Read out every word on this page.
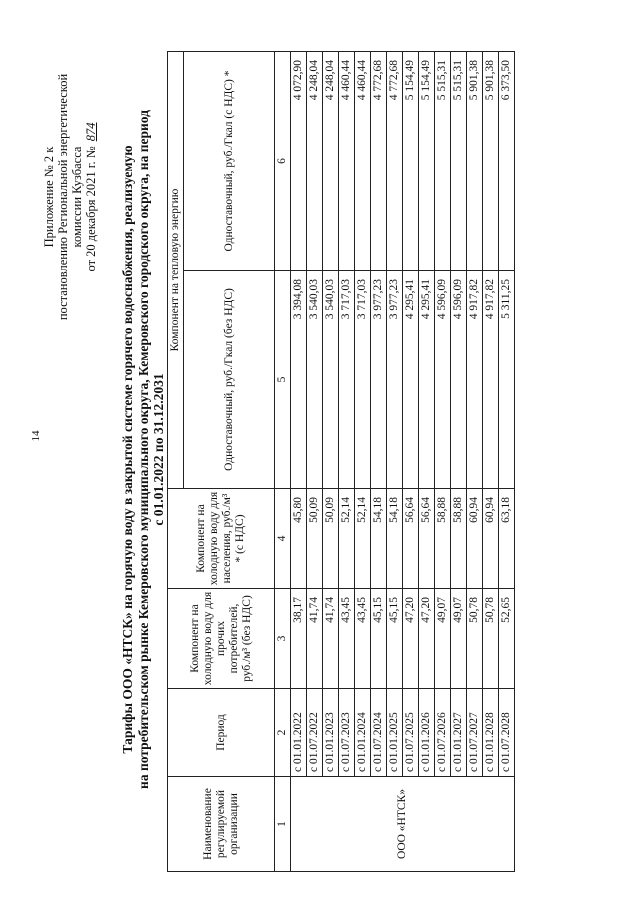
14
Приложение № 2 к постановлению Региональной энергетической комиссии Кузбасса от 20 декабря 2021 г. № 874
Тарифы ООО «НТСК» на горячую воду в закрытой системе горячего водоснабжения, реализуемую на потребительском рынке Кемеровского муниципального округа, Кемеровского городского округа, на период с 01.01.2022 по 31.12.2031
Наименование регулируемой организации	Период	Компонент на холодную воду для прочих потребителей, руб./м³ (без НДС)	Компонент на холодную воду для населения, руб./м³ * (с НДС)	Компонент на тепловую энергию	
				Одноставочный, руб./Гкал (без НДС)	Одноставочный, руб./Гкал (с НДС) *
1	2	3	4	5	6
ООО «НТСК»	с 01.01.2022	38,17	45,80	3 394,08	4 072,90
	с 01.07.2022	41,74	50,09	3 540,03	4 248,04
	с 01.01.2023	41,74	50,09	3 540,03	4 248,04
	с 01.07.2023	43,45	52,14	3 717,03	4 460,44
	с 01.01.2024	43,45	52,14	3 717,03	4 460,44
	с 01.07.2024	45,15	54,18	3 977,23	4 772,68
	с 01.01.2025	45,15	54,18	3 977,23	4 772,68
	с 01.07.2025	47,20	56,64	4 295,41	5 154,49
	с 01.01.2026	47,20	56,64	4 295,41	5 154,49
	с 01.07.2026	49,07	58,88	4 596,09	5 515,31
	с 01.01.2027	49,07	58,88	4 596,09	5 515,31
	с 01.07.2027	50,78	60,94	4 917,82	5 901,38
	с 01.01.2028	50,78	60,94	4 917,82	5 901,38
	с 01.07.2028	52,65	63,18	5 311,25	6 373,50
